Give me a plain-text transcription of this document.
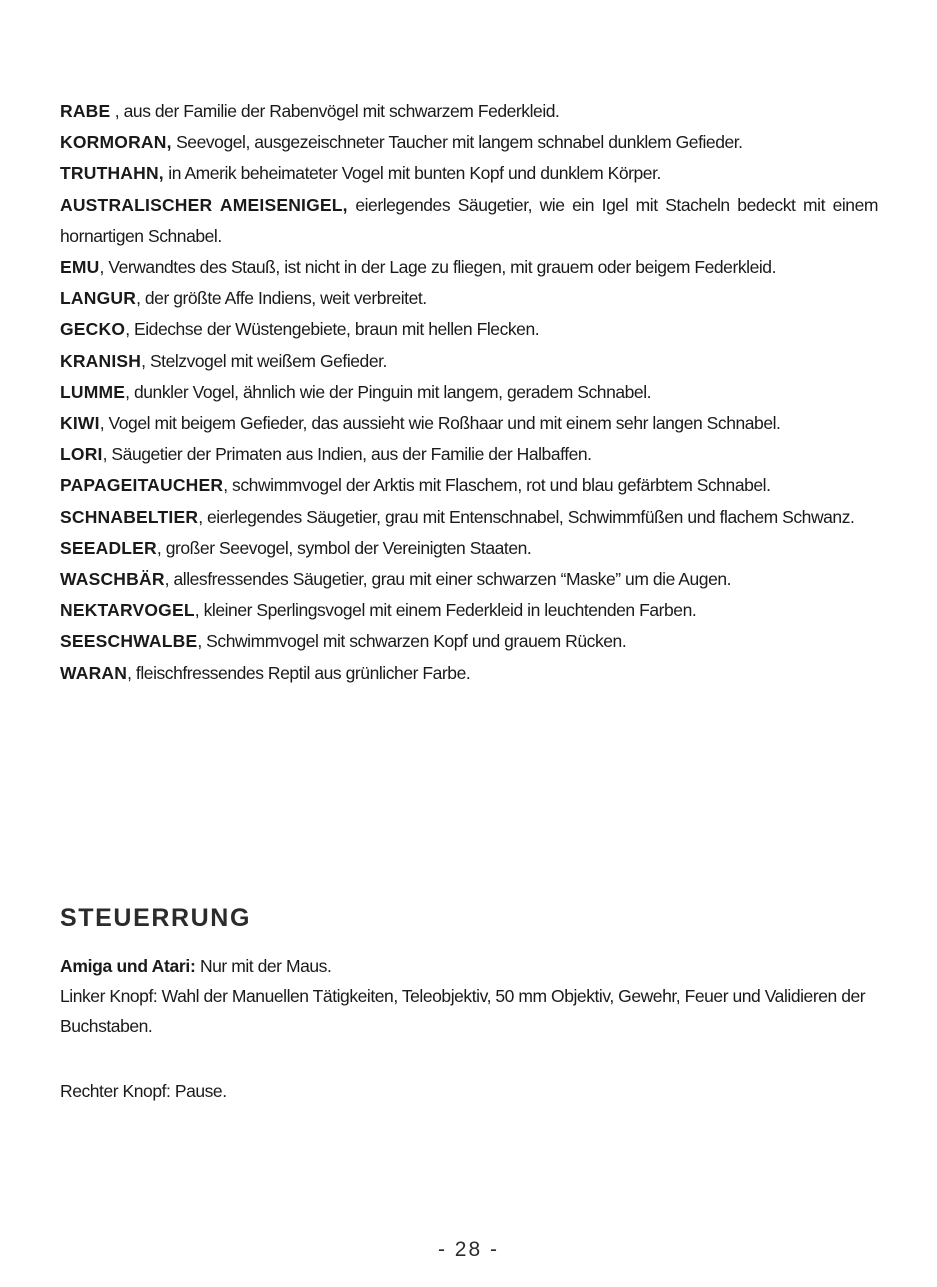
RABE , aus der Familie der Rabenvögel mit schwarzem Federkleid.
KORMORAN, Seevogel, ausgezeischneter Taucher mit langem schnabel dunklem Gefieder.
TRUTHAHN, in Amerik beheimateter Vogel mit bunten Kopf und dunklem Körper.
AUSTRALISCHER AMEISENIGEL, eierlegendes Säugetier, wie ein Igel mit Stacheln bedeckt mit einem hornartigen Schnabel.
EMU, Verwandtes des Stauß, ist nicht in der Lage zu fliegen, mit grauem oder beigem Federkleid.
LANGUR, der größte Affe Indiens, weit verbreitet.
GECKO, Eidechse der Wüstengebiete, braun mit hellen Flecken.
KRANISH, Stelzvogel mit weißem Gefieder.
LUMME, dunkler Vogel, ähnlich wie der Pinguin mit langem, geradem Schnabel.
KIWI, Vogel mit beigem Gefieder, das aussieht wie Roßhaar und mit einem sehr langen Schnabel.
LORI, Säugetier der Primaten aus Indien, aus der Familie der Halbaffen.
PAPAGEITAUCHER, schwimmvogel der Arktis mit Flaschem, rot und blau gefärbtem Schnabel.
SCHNABELTIER, eierlegendes Säugetier, grau mit Entenschnabel, Schwimmfüßen und flachem Schwanz.
SEEADLER, großer Seevogel, symbol der Vereinigten Staaten.
WASCHBÄR, allesfressendes Säugetier, grau mit einer schwarzen “Maske” um die Augen.
NEKTARVOGEL, kleiner Sperlingsvogel mit einem Federkleid in leuchtenden Farben.
SEESCHWALBE, Schwimmvogel mit schwarzen Kopf und grauem Rücken.
WARAN, fleischfressendes Reptil aus grünlicher Farbe.
STEUERRUNG
Amiga und Atari: Nur mit der Maus.
Linker Knopf: Wahl der Manuellen Tätigkeiten, Teleobjektiv, 50 mm Objektiv, Gewehr, Feuer und Validieren der Buchstaben.
Rechter Knopf: Pause.
- 28 -
